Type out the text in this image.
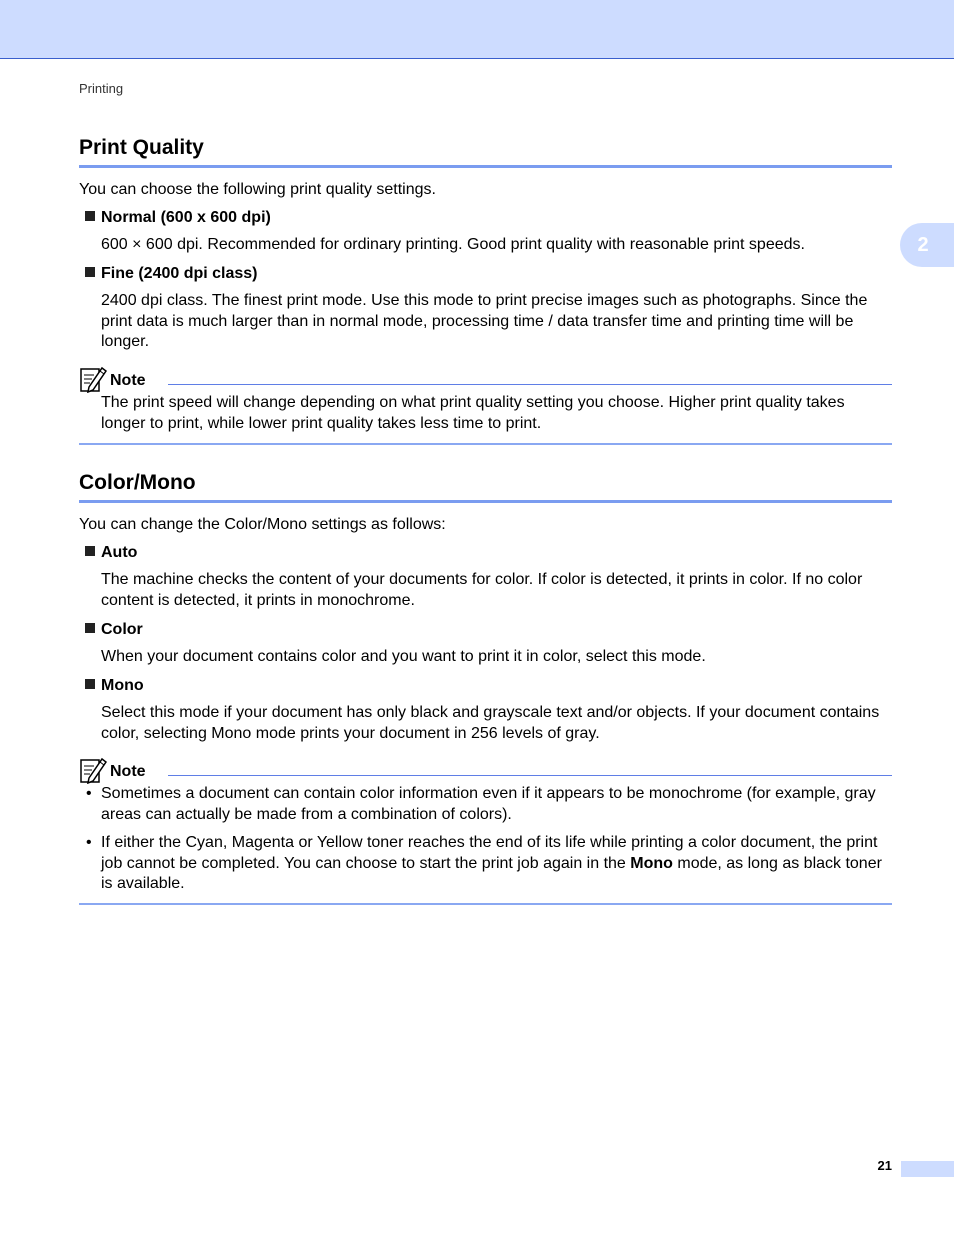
Printing
2
Print Quality
You can choose the following print quality settings.
Normal (600 x 600 dpi)
600 × 600 dpi. Recommended for ordinary printing. Good print quality with reasonable print speeds.
Fine (2400 dpi class)
2400 dpi class. The finest print mode. Use this mode to print precise images such as photographs. Since the print data is much larger than in normal mode, processing time / data transfer time and printing time will be longer.
Note
The print speed will change depending on what print quality setting you choose. Higher print quality takes longer to print, while lower print quality takes less time to print.
Color/Mono
You can change the Color/Mono settings as follows:
Auto
The machine checks the content of your documents for color. If color is detected, it prints in color. If no color content is detected, it prints in monochrome.
Color
When your document contains color and you want to print it in color, select this mode.
Mono
Select this mode if your document has only black and grayscale text and/or objects. If your document contains color, selecting Mono mode prints your document in 256 levels of gray.
Note
• Sometimes a document can contain color information even if it appears to be monochrome (for example, gray areas can actually be made from a combination of colors).
• If either the Cyan, Magenta or Yellow toner reaches the end of its life while printing a color document, the print job cannot be completed. You can choose to start the print job again in the Mono mode, as long as black toner is available.
21
